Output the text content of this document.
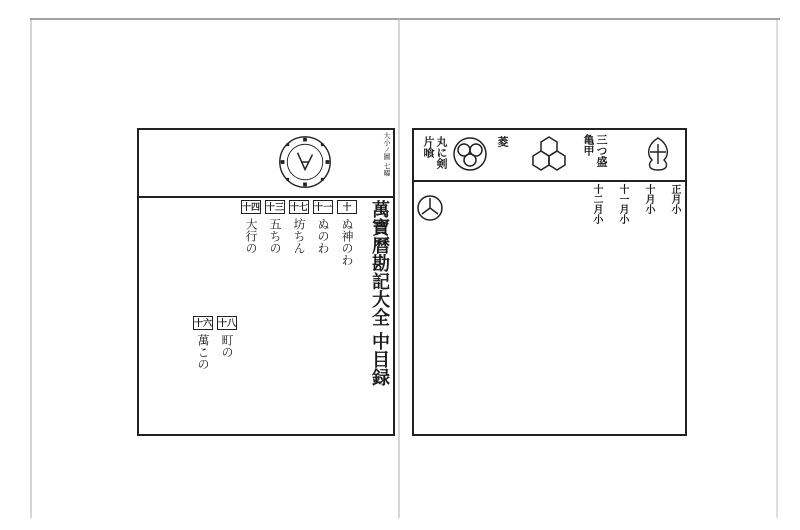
大小ノ圖 七曜
萬寶曆勘記大全 中目録
十
ぬ神のわ
十一
ぬのわ
十七
坊ちん
十三
五ちの
十四
大行の
十八
町の
十六
萬この
丸に剣片喰	菱	三つ盛亀甲
正月小
十月小
十一月小
十二月小
